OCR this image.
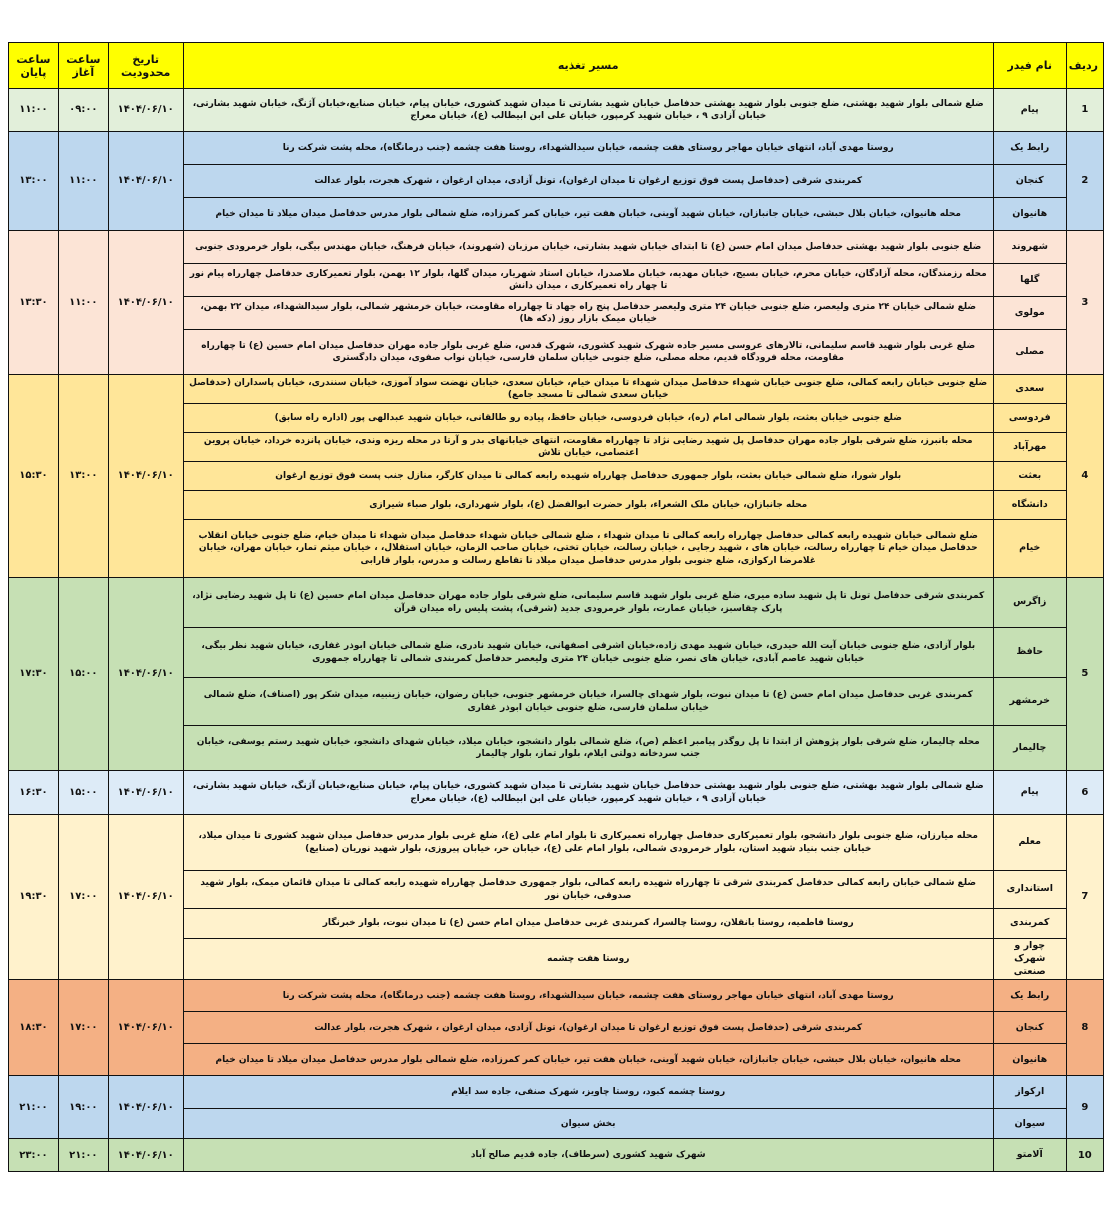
ردیف	نام فیدر	مسیر تغذیه	تاریخ محدودیت	ساعت آغاز	ساعت پایان
1	پیام	ضلع شمالی بلوار شهید بهشتی، ضلع جنوبی بلوار شهید بهشتی حدفاصل خیابان شهید بشارتی تا میدان شهید کشوری، خیابان پیام، خیابان صنایع،خیابان آژنگ، خیابان شهید بشارتی، خیابان آزادی ۹ ، خیابان شهید کرمپور، خیابان علی ابن ابیطالب (ع)، خیابان معراج	۱۴۰۴/۰۶/۱۰	۰۹:۰۰	۱۱:۰۰
2	رابط یک	روستا مهدی آباد، انتهای خیابان مهاجر روستای هفت چشمه، خیابان سیدالشهداء، روستا هفت چشمه (جنب درمانگاه)، محله پشت شرکت رنا	۱۴۰۴/۰۶/۱۰	۱۱:۰۰	۱۳:۰۰
	کنجان	کمربندی شرقی (حدفاصل پست فوق توزیع ارغوان تا میدان ارغوان)، تونل آزادی، میدان ارغوان ، شهرک هجرت، بلوار عدالت			
	هانیوان	محله هانیوان، خیابان بلال حبشی، خیابان جانبازان، خیابان شهید آوینی، خیابان هفت تیر، خیابان کمر کمرزاده، ضلع شمالی بلوار مدرس حدفاصل میدان میلاد تا میدان خیام			
3	شهروند	ضلع جنوبی بلوار شهید بهشتی حدفاصل میدان امام حسن (ع) تا ابتدای خیابان شهید بشارتی، خیابان مرزبان (شهروند)، خیابان فرهنگ، خیابان مهندس بیگی، بلوار خرمرودی جنوبی	۱۴۰۴/۰۶/۱۰	۱۱:۰۰	۱۳:۳۰
	گلها	محله رزمندگان، محله آزادگان، خیابان محرم، خیابان بسیج، خیابان مهدیه، خیابان ملاصدرا، خیابان استاد شهریار، میدان گلها، بلوار ۱۲ بهمن، بلوار تعمیرکاری حدفاصل چهارراه پیام نور تا چهار راه تعمیرکاری ، میدان دانش			
	مولوی	ضلع شمالی خیابان ۲۴ متری ولیعصر، ضلع جنوبی خیابان ۲۴ متری ولیعصر حدفاصل پنج راه جهاد تا چهارراه مقاومت، خیابان خرمشهر شمالی، بلوار سیدالشهداء، میدان ۲۲ بهمن، خیابان میمک بازار روز (دکه ها)			
	مصلی	ضلع غربی بلوار شهید قاسم سلیمانی، تالارهای عروسی مسیر جاده شهرک شهید کشوری، شهرک قدس، ضلع غربی بلوار جاده مهران حدفاصل میدان امام حسین (ع) تا چهارراه مقاومت، محله فرودگاه قدیم، محله مصلی، ضلع جنوبی خیابان سلمان فارسی، خیابان نواب صفوی، میدان دادگستری			
4	سعدی	ضلع جنوبی خیابان رابعه کمالی، ضلع جنوبی خیابان شهداء حدفاصل میدان شهداء تا میدان خیام، خیابان سعدی، خیابان نهضت سواد آموزی، خیابان سنندری، خیابان پاسداران (حدفاصل خیابان سعدی شمالی تا مسجد جامع)	۱۴۰۴/۰۶/۱۰	۱۳:۰۰	۱۵:۳۰
	فردوسی	ضلع جنوبی خیابان بعثت، بلوار شمالی امام (ره)، خیابان فردوسی، خیابان حافظ، پیاده رو طالقانی، خیابان شهید عبدالهی پور (اداره راه سابق)			
	مهرآباد	محله بانبرز، ضلع شرقی بلوار جاده مهران حدفاصل پل شهید رضایی نژاد تا چهارراه مقاومت، انتهای خیابانهای بدر و آرتا در محله ریزه وندی، خیابان پانزده خرداد، خیابان پروین اعتصامی، خیابان تلاش			
	بعثت	بلوار شورا، ضلع شمالی خیابان بعثت، بلوار جمهوری حدفاصل چهارراه شهیده رابعه کمالی تا میدان کارگر، منازل جنب پست فوق توزیع ارغوان			
	دانشگاه	محله جانبازان، خیابان ملک الشعراء، بلوار حضرت ابوالفضل (ع)، بلوار شهرداری، بلوار صباء شیرازی			
	خیام	ضلع شمالی خیابان شهیده رابعه کمالی حدفاصل چهارراه رابعه کمالی تا میدان شهداء ، ضلع شمالی خیابان شهداء حدفاصل میدان شهداء تا میدان خیام، ضلع جنوبی خیابان انقلاب حدفاصل میدان خیام تا چهارراه رسالت، خیابان های ، شهید رجایی ، خیابان رسالت، خیابان تختی، خیابان صاحب الزمان، خیابان استقلال، ، خیابان میثم تمار، خیابان مهران، خیابان غلامرضا ارکوازی، ضلع جنوبی بلوار مدرس حدفاصل میدان میلاد تا تقاطع رسالت و مدرس، بلوار قارابی			
5	زاگرس	کمربندی شرقی حدفاصل تونل تا پل شهید ساده میری، ضلع غربی بلوار شهید قاسم سلیمانی، ضلع شرقی بلوار جاده مهران حدفاصل میدان امام حسین (ع) تا پل شهید رضایی نژاد، پارک چقاسبز، خیابان عمارت، بلوار خرمرودی جدید (شرقی)، پشت پلیس راه میدان قرآن	۱۴۰۴/۰۶/۱۰	۱۵:۰۰	۱۷:۳۰
	حافظ	بلوار آزادی، ضلع جنوبی خیابان آیت الله حیدری، خیابان شهید مهدی زاده،خیابان اشرفی اصفهانی، خیابان شهید نادری، ضلع شمالی خیابان ابوذر غفاری، خیابان شهید نظر بیگی، خیابان شهید عاصم آبادی، خیابان های نصر، ضلع جنوبی خیابان ۲۴ متری ولیعصر حدفاصل کمربندی شمالی تا چهارراه جمهوری			
	خرمشهر	کمربندی غربی حدفاصل میدان امام حسن (ع) تا میدان نبوت، بلوار شهدای چالسرا، خیابان خرمشهر جنوبی، خیابان رضوان، خیابان زینبیه، میدان شکر پور (اصناف)، ضلع شمالی خیابان سلمان فارسی، ضلع جنوبی خیابان ابوذر غفاری			
	چالیمار	محله چالیمار، ضلع شرقی بلوار پژوهش از ابتدا تا پل روگذر پیامبر اعظم (ص)، ضلع شمالی بلوار دانشجو، خیابان میلاد، خیابان شهدای دانشجو، خیابان شهید رستم یوسفی، خیابان جنب سردخانه دولتی ایلام، بلوار تماز، بلوار چالیمار			
6	پیام	ضلع شمالی بلوار شهید بهشتی، ضلع جنوبی بلوار شهید بهشتی حدفاصل خیابان شهید بشارتی تا میدان شهید کشوری، خیابان پیام، خیابان صنایع،خیابان آژنگ، خیابان شهید بشارتی، خیابان آزادی ۹ ، خیابان شهید کرمپور، خیابان علی ابن ابیطالب (ع)، خیابان معراج	۱۴۰۴/۰۶/۱۰	۱۵:۰۰	۱۶:۳۰
7	معلم	محله میارزان، ضلع جنوبی بلوار دانشجو، بلوار تعمیرکاری حدفاصل چهارراه تعمیرکاری تا بلوار امام علی (ع)، ضلع غربی بلوار مدرس حدفاصل میدان شهید کشوری تا میدان میلاد، خیابان جنب بنیاد شهید استان، بلوار خرمرودی شمالی، بلوار امام علی (ع)، خیابان حر، خیابان پیروزی، بلوار شهید نوریان (صنایع)	۱۴۰۴/۰۶/۱۰	۱۷:۰۰	۱۹:۳۰
	استانداری	ضلع شمالی خیابان رابعه کمالی حدفاصل کمربندی شرقی تا چهارراه شهیده رابعه کمالی، بلوار جمهوری حدفاصل چهارراه شهیده رابعه کمالی تا میدان قائمان میمک، بلوار شهید صدوقی، خیابان نور			
	کمربندی	روستا فاطمیه، روستا بانقلان، روستا چالسرا، کمربندی غربی حدفاصل میدان امام حسن (ع) تا میدان نبوت، بلوار خبرنگار			
	چوار و شهرک صنعتی	روستا هفت چشمه			
8	رابط یک	روستا مهدی آباد، انتهای خیابان مهاجر روستای هفت چشمه، خیابان سیدالشهداء، روستا هفت چشمه (جنب درمانگاه)، محله پشت شرکت رنا	۱۴۰۴/۰۶/۱۰	۱۷:۰۰	۱۸:۳۰
	کنجان	کمربندی شرقی (حدفاصل پست فوق توزیع ارغوان تا میدان ارغوان)، تونل آزادی، میدان ارغوان ، شهرک هجرت، بلوار عدالت			
	هانیوان	محله هانیوان، خیابان بلال حبشی، خیابان جانبازان، خیابان شهید آوینی، خیابان هفت تیر، خیابان کمر کمرزاده، ضلع شمالی بلوار مدرس حدفاصل میدان میلاد تا میدان خیام			
9	ارکواز	روستا چشمه کبود، روستا چاویز، شهرک صنفی، جاده سد ایلام	۱۴۰۴/۰۶/۱۰	۱۹:۰۰	۲۱:۰۰
	سیوان	بخش سیوان			
10	آلامتو	شهرک شهید کشوری (سرطاف)، جاده قدیم صالح آباد	۱۴۰۴/۰۶/۱۰	۲۱:۰۰	۲۳:۰۰
